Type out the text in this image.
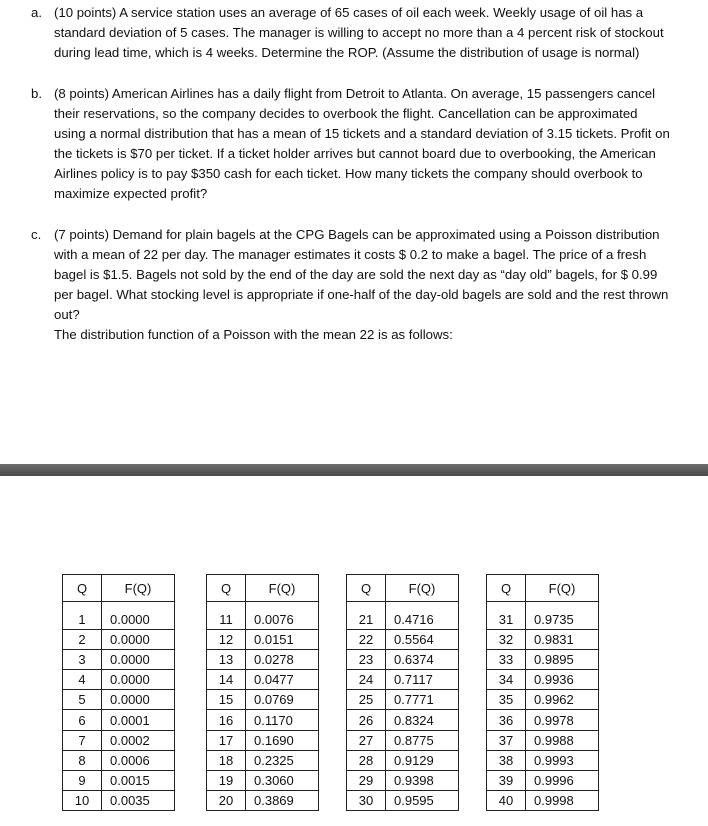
a. (10 points) A service station uses an average of 65 cases of oil each week. Weekly usage of oil has a standard deviation of 5 cases. The manager is willing to accept no more than a 4 percent risk of stockout during lead time, which is 4 weeks. Determine the ROP. (Assume the distribution of usage is normal)

b. (8 points) American Airlines has a daily flight from Detroit to Atlanta. On average, 15 passengers cancel their reservations, so the company decides to overbook the flight. Cancellation can be approximated using a normal distribution that has a mean of 15 tickets and a standard deviation of 3.15 tickets. Profit on the tickets is $70 per ticket. If a ticket holder arrives but cannot board due to overbooking, the American Airlines policy is to pay $350 cash for each ticket. How many tickets the company should overbook to maximize expected profit?

c. (7 points) Demand for plain bagels at the CPG Bagels can be approximated using a Poisson distribution with a mean of 22 per day. The manager estimates it costs $ 0.2 to make a bagel. The price of a fresh bagel is $1.5. Bagels not sold by the end of the day are sold the next day as “day old” bagels, for $ 0.99 per bagel. What stocking level is appropriate if one-half of the day-old bagels are sold and the rest thrown out?

The distribution function of a Poisson with the mean 22 is as follows:

Q	F(Q)
1	0.0000
2	0.0000
3	0.0000
4	0.0000
5	0.0000
6	0.0001
7	0.0002
8	0.0006
9	0.0015
10	0.0035
Q	F(Q)
11	0.0076
12	0.0151
13	0.0278
14	0.0477
15	0.0769
16	0.1170
17	0.1690
18	0.2325
19	0.3060
20	0.3869
Q	F(Q)
21	0.4716
22	0.5564
23	0.6374
24	0.7117
25	0.7771
26	0.8324
27	0.8775
28	0.9129
29	0.9398
30	0.9595
Q	F(Q)
31	0.9735
32	0.9831
33	0.9895
34	0.9936
35	0.9962
36	0.9978
37	0.9988
38	0.9993
39	0.9996
40	0.9998
